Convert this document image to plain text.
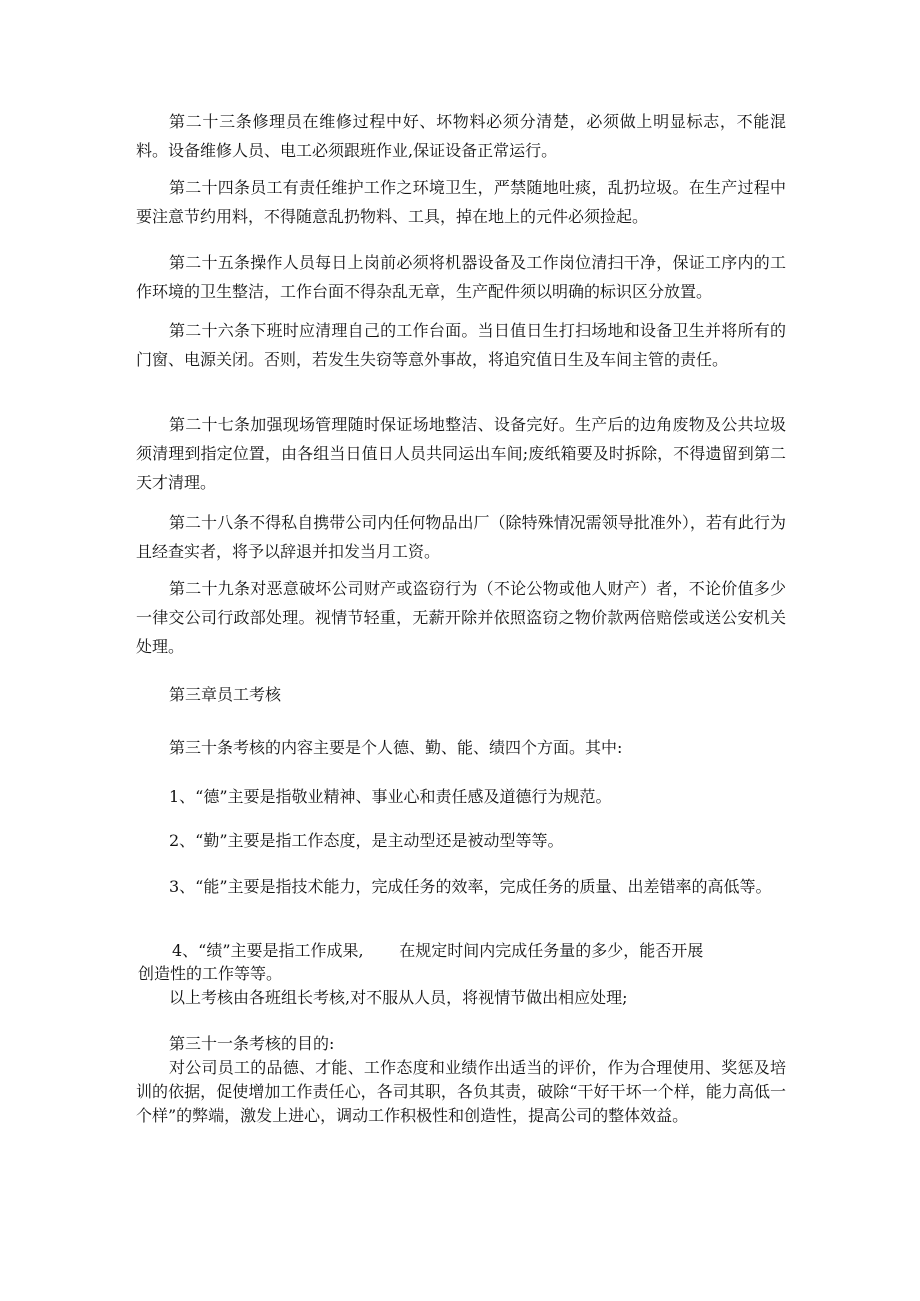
第二十三条修理员在维修过程中好、坏物料必须分清楚，必须做上明显标志，不能混料。设备维修人员、电工必须跟班作业,保证设备正常运行。

第二十四条员工有责任维护工作之环境卫生，严禁随地吐痰，乱扔垃圾。在生产过程中要注意节约用料，不得随意乱扔物料、工具，掉在地上的元件必须捡起。

第二十五条操作人员每日上岗前必须将机器设备及工作岗位清扫干净，保证工序内的工作环境的卫生整洁，工作台面不得杂乱无章，生产配件须以明确的标识区分放置。

第二十六条下班时应清理自己的工作台面。当日值日生打扫场地和设备卫生并将所有的门窗、电源关闭。否则，若发生失窃等意外事故，将追究值日生及车间主管的责任。

第二十七条加强现场管理随时保证场地整洁、设备完好。生产后的边角废物及公共垃圾须清理到指定位置，由各组当日值日人员共同运出车间;废纸箱要及时拆除，不得遗留到第二天才清理。

第二十八条不得私自携带公司内任何物品出厂（除特殊情况需领导批准外），若有此行为且经查实者，将予以辞退并扣发当月工资。

第二十九条对恶意破坏公司财产或盗窃行为（不论公物或他人财产）者，不论价值多少一律交公司行政部处理。视情节轻重，无薪开除并依照盗窃之物价款两倍赔偿或送公安机关处理。

第三章员工考核

第三十条考核的内容主要是个人德、勤、能、绩四个方面。其中:

1、“德”主要是指敬业精神、事业心和责任感及道德行为规范。

2、“勤”主要是指工作态度，是主动型还是被动型等等。

3、“能”主要是指技术能力，完成任务的效率，完成任务的质量、出差错率的高低等。

4、“绩”主要是指工作成果,       在规定时间内完成任务量的多少，能否开展

创造性的工作等等。

以上考核由各班组长考核,对不服从人员，将视情节做出相应处理;

第三十一条考核的目的:

对公司员工的品德、才能、工作态度和业绩作出适当的评价，作为合理使用、奖惩及培训的依据，促使增加工作责任心，各司其职，各负其责，破除“干好干坏一个样，能力高低一个样”的弊端，激发上进心，调动工作积极性和创造性，提高公司的整体效益。
